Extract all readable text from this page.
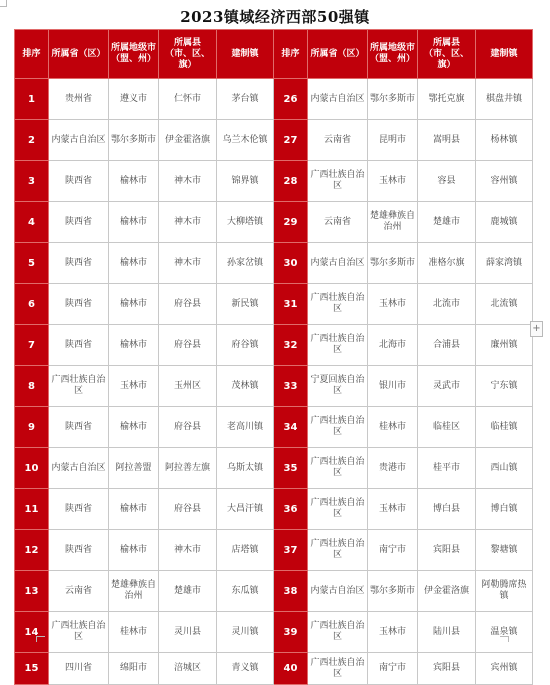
2023镇域经济西部50强镇
排序	所属省（区）	所属地级市（盟、州）	所属县（市、区、旗）	建制镇	排序	所属省（区）	所属地级市（盟、州）	所属县（市、区、旗）	建制镇
1	贵州省	遵义市	仁怀市	茅台镇	26	内蒙古自治区	鄂尔多斯市	鄂托克旗	棋盘井镇
2	内蒙古自治区	鄂尔多斯市	伊金霍洛旗	乌兰木伦镇	27	云南省	昆明市	嵩明县	杨林镇
3	陕西省	榆林市	神木市	锦界镇	28	广西壮族自治区	玉林市	容县	容州镇
4	陕西省	榆林市	神木市	大柳塔镇	29	云南省	楚雄彝族自治州	楚雄市	鹿城镇
5	陕西省	榆林市	神木市	孙家岔镇	30	内蒙古自治区	鄂尔多斯市	准格尔旗	薛家湾镇
6	陕西省	榆林市	府谷县	新民镇	31	广西壮族自治区	玉林市	北流市	北流镇
7	陕西省	榆林市	府谷县	府谷镇	32	广西壮族自治区	北海市	合浦县	廉州镇
8	广西壮族自治区	玉林市	玉州区	茂林镇	33	宁夏回族自治区	银川市	灵武市	宁东镇
9	陕西省	榆林市	府谷县	老高川镇	34	广西壮族自治区	桂林市	临桂区	临桂镇
10	内蒙古自治区	阿拉善盟	阿拉善左旗	乌斯太镇	35	广西壮族自治区	贵港市	桂平市	西山镇
11	陕西省	榆林市	府谷县	大昌汗镇	36	广西壮族自治区	玉林市	博白县	博白镇
12	陕西省	榆林市	神木市	店塔镇	37	广西壮族自治区	南宁市	宾阳县	黎塘镇
13	云南省	楚雄彝族自治州	楚雄市	东瓜镇	38	内蒙古自治区	鄂尔多斯市	伊金霍洛旗	阿勒腾席热镇
14	广西壮族自治区	桂林市	灵川县	灵川镇	39	广西壮族自治区	玉林市	陆川县	温泉镇
15	四川省	绵阳市	涪城区	青义镇	40	广西壮族自治区	南宁市	宾阳县	宾州镇
+
